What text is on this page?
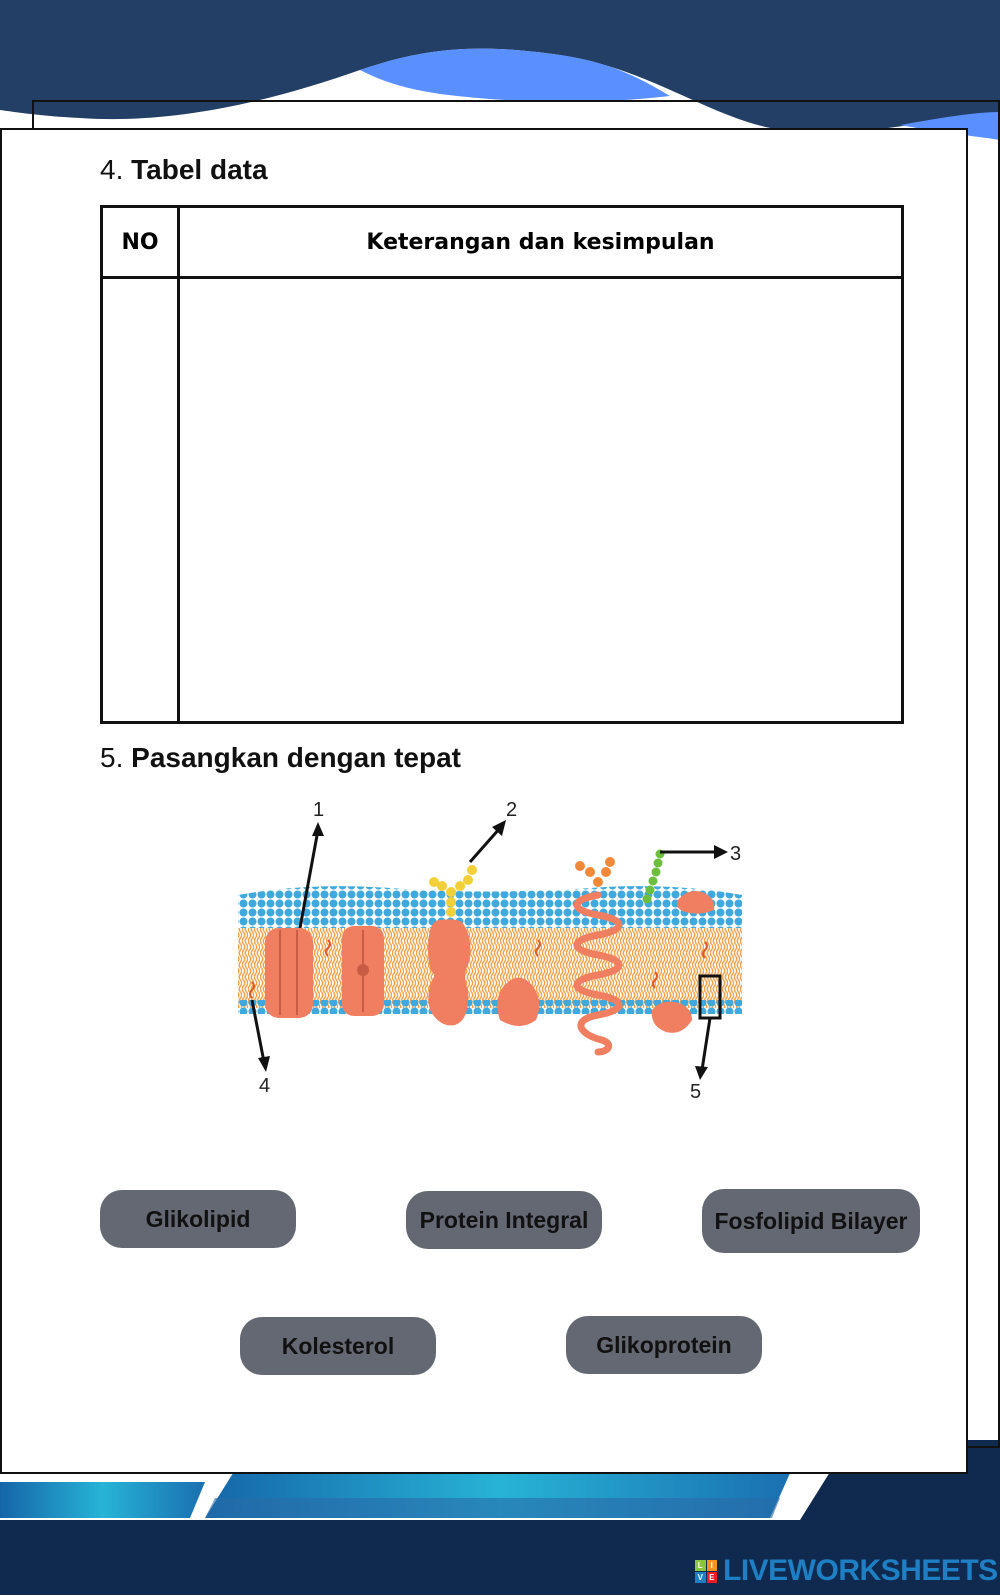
4. Tabel data
NO	Keterangan dan kesimpulan

5. Pasangkan dengan tepat
1	2
3
4	5
Glikolipid	Protein Integral	Fosfolipid Bilayer
Kolesterol	Glikoprotein
L I
V E LIVEWORKSHEETS
